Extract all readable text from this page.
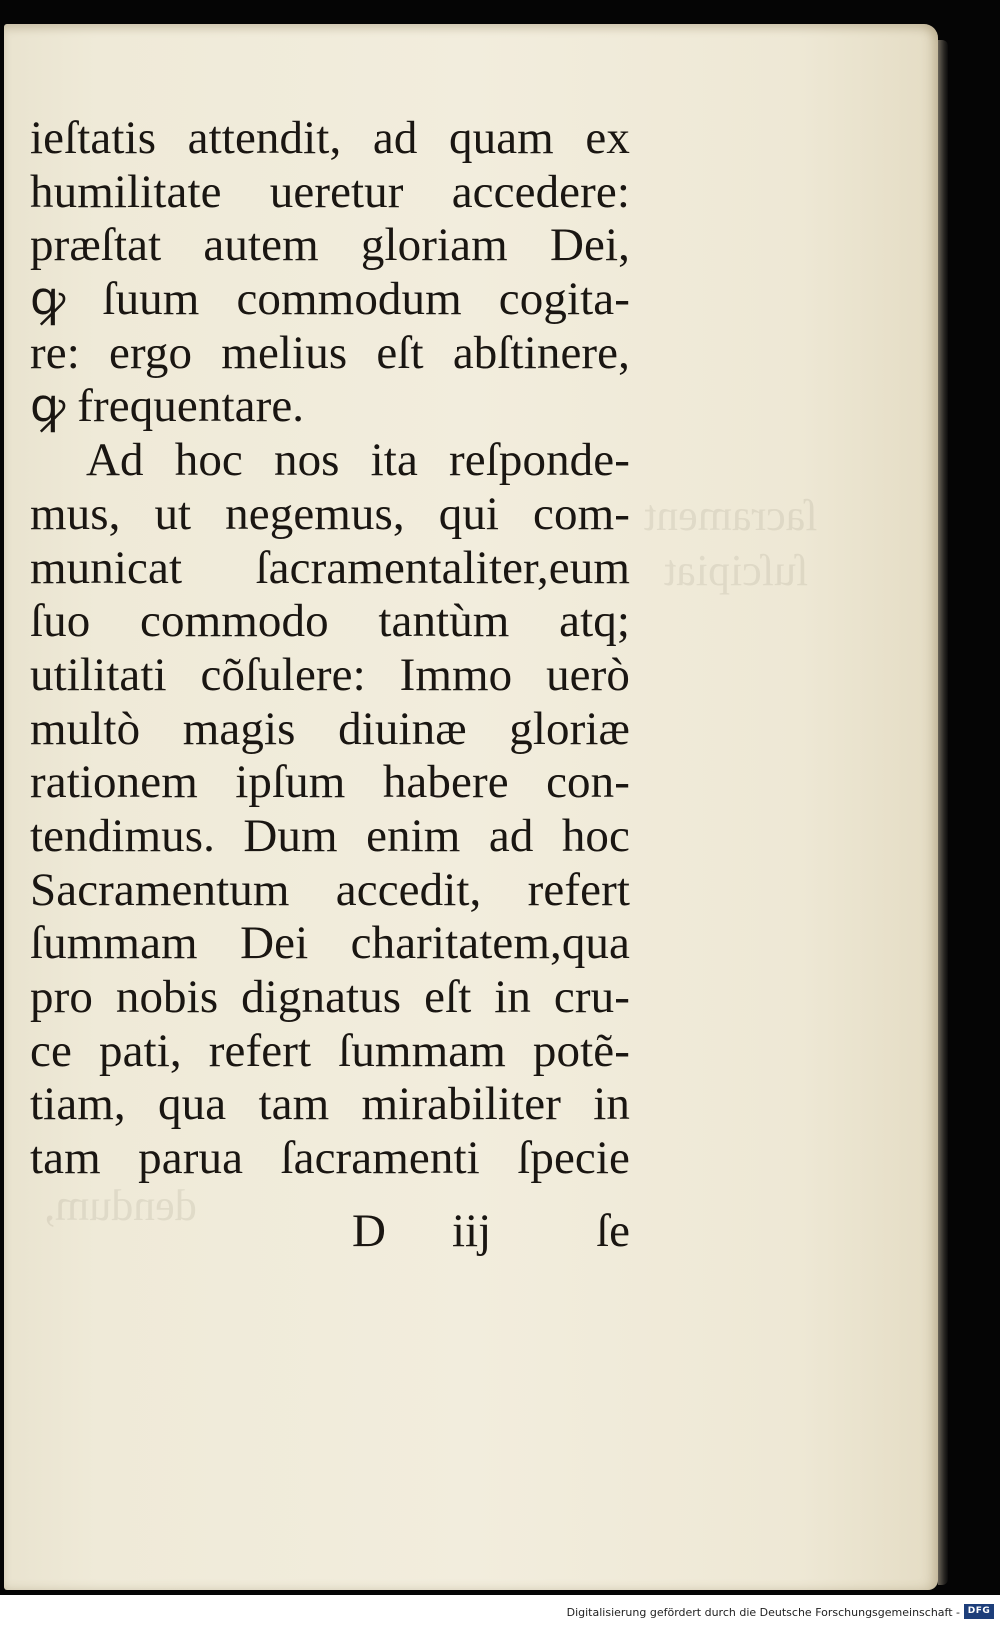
ſacrament
ſuſcipiat
dendum,
ieſtatis attendit, ad quam ex
humilitate ueretur accedere:
præſtat autem gloriam Dei,
ꝙ ſuum commodum cogita-
re: ergo melius eſt abſtinere,
ꝙ frequentare.
Ad hoc nos ita reſponde-
mus, ut negemus, qui com-
municat ſacramentaliter,eum
ſuo commodo tantùm atq;
utilitati cõſulere: Immo uerò
multò magis diuinæ gloriæ
rationem ipſum habere con-
tendimus. Dum enim ad hoc
Sacramentum accedit, refert
ſummam Dei charitatem,qua
pro nobis dignatus eſt in cru-
ce pati, refert ſummam potẽ-
tiam, qua tam mirabiliter in
tam parua ſacramenti ſpecie
D iij ſe
Digitalisierung gefördert durch die Deutsche Forschungsgemeinschaft - DFG
